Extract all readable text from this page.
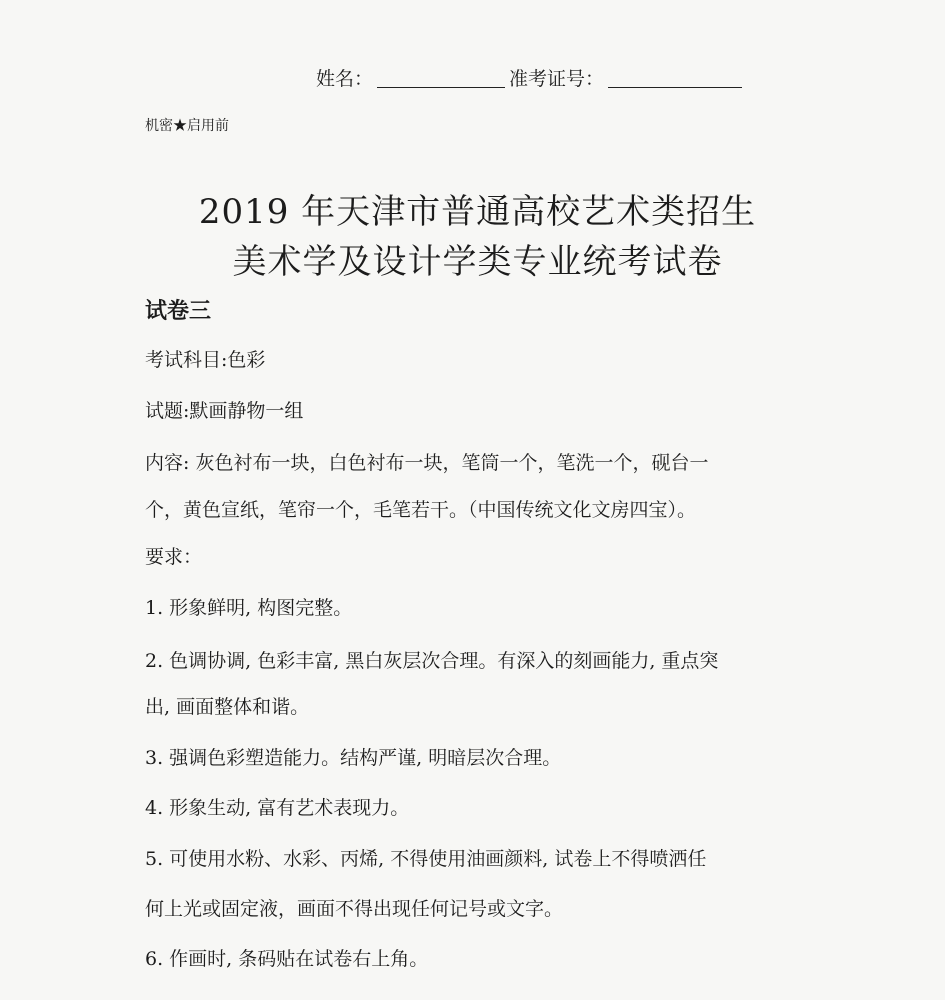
姓名：	准考证号：
机密★启用前
2019 年天津市普通高校艺术类招生
美术学及设计学类专业统考试卷
试卷三
考试科目:色彩
试题:默画静物一组
内容: 灰色衬布一块，白色衬布一块，笔筒一个，笔洗一个，砚台一
个，黄色宣纸，笔帘一个，毛笔若干。（中国传统文化文房四宝）。
要求：
1. 形象鲜明, 构图完整。
2. 色调协调, 色彩丰富, 黑白灰层次合理。有深入的刻画能力, 重点突
出, 画面整体和谐。
3. 强调色彩塑造能力。结构严谨, 明暗层次合理。
4. 形象生动, 富有艺术表现力。
5. 可使用水粉、水彩、丙烯, 不得使用油画颜料, 试卷上不得喷洒任
何上光或固定液，画面不得出现任何记号或文字。
6. 作画时, 条码贴在试卷右上角。
